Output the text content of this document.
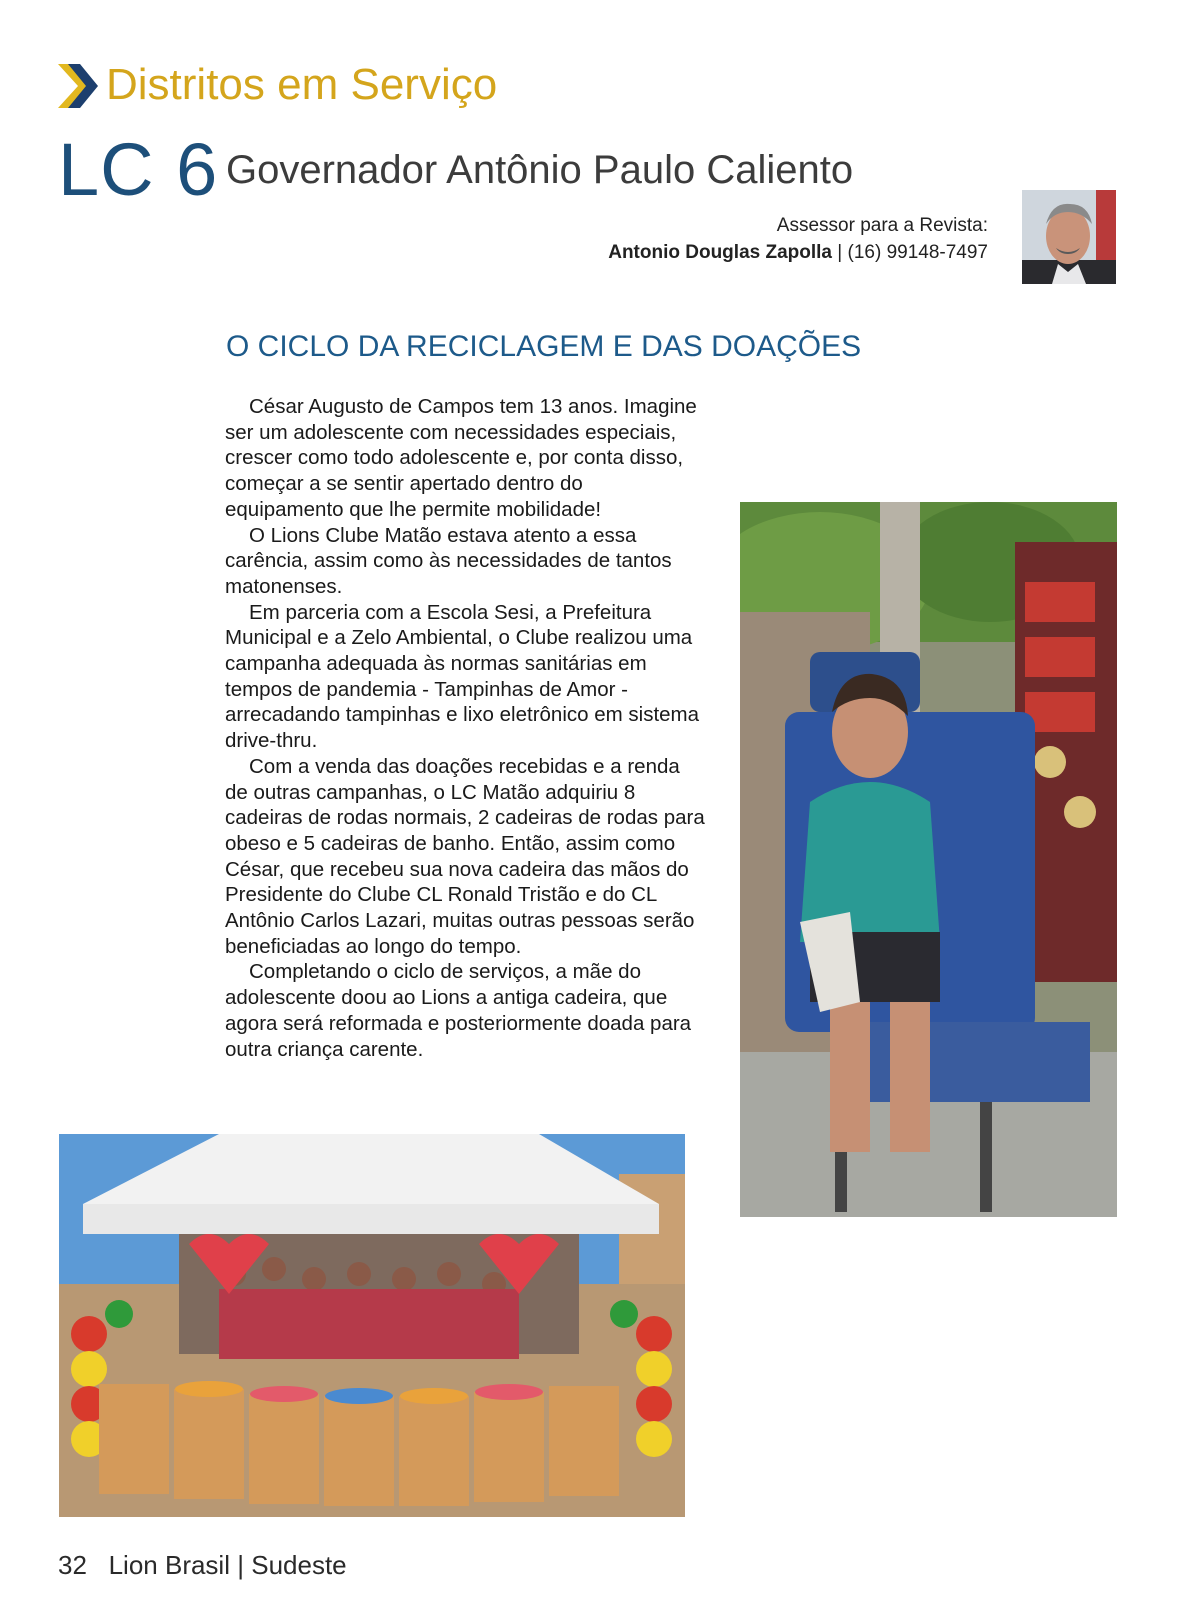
Distritos em Serviço
LC 6 Governador Antônio Paulo Caliento
Assessor para a Revista:
Antonio Douglas Zapolla | (16) 99148-7497
O CICLO DA RECICLAGEM E DAS DOAÇÕES

César Augusto de Campos tem 13 anos. Imagine ser um adolescente com necessidades especiais, crescer como todo adolescente e, por conta disso, começar a se sentir apertado dentro do equipamento que lhe permite mobilidade!

O Lions Clube Matão estava atento a essa carência, assim como às necessidades de tantos matonenses.

Em parceria com a Escola Sesi, a Prefeitura Municipal e a Zelo Ambiental, o Clube realizou uma campanha adequada às normas sanitárias em tempos de pandemia - Tampinhas de Amor - arrecadando tampinhas e lixo eletrônico em sistema drive-thru.

Com a venda das doações recebidas e a renda de outras campanhas, o LC Matão adquiriu 8 cadeiras de rodas normais, 2 cadeiras de rodas para obeso e 5 cadeiras de banho. Então, assim como César, que recebeu sua nova cadeira das mãos do Presidente do Clube CL Ronald Tristão e do CL Antônio Carlos Lazari, muitas outras pessoas serão beneficiadas ao longo do tempo.

Completando o ciclo de serviços, a mãe do adolescente doou ao Lions a antiga cadeira, que agora será reformada e posteriormente doada para outra criança carente.

32 Lion Brasil | Sudeste
